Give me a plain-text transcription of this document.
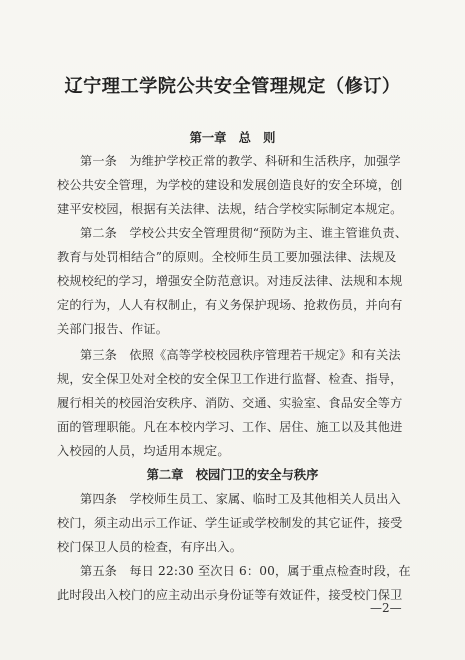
辽宁理工学院公共安全管理规定（修订）
第一章　总　则
第一条　为维护学校正常的教学、科研和生活秩序，加强学
校公共安全管理，为学校的建设和发展创造良好的安全环境，创
建平安校园，根据有关法律、法规，结合学校实际制定本规定。
第二条　学校公共安全管理贯彻“预防为主、谁主管谁负责、
教育与处罚相结合”的原则。全校师生员工要加强法律、法规及
校规校纪的学习，增强安全防范意识。对违反法律、法规和本规
定的行为，人人有权制止，有义务保护现场、抢救伤员，并向有
关部门报告、作证。
第三条　依照《高等学校校园秩序管理若干规定》和有关法
规，安全保卫处对全校的安全保卫工作进行监督、检查、指导，
履行相关的校园治安秩序、消防、交通、实验室、食品安全等方
面的管理职能。凡在本校内学习、工作、居住、施工以及其他进
入校园的人员，均适用本规定。
第二章　校园门卫的安全与秩序
第四条　学校师生员工、家属、临时工及其他相关人员出入
校门，须主动出示工作证、学生证或学校制发的其它证件，接受
校门保卫人员的检查，有序出入。
第五条　每日 22:30 至次日 6：00，属于重点检查时段，在
此时段出入校门的应主动出示身份证等有效证件，接受校门保卫
—2—
